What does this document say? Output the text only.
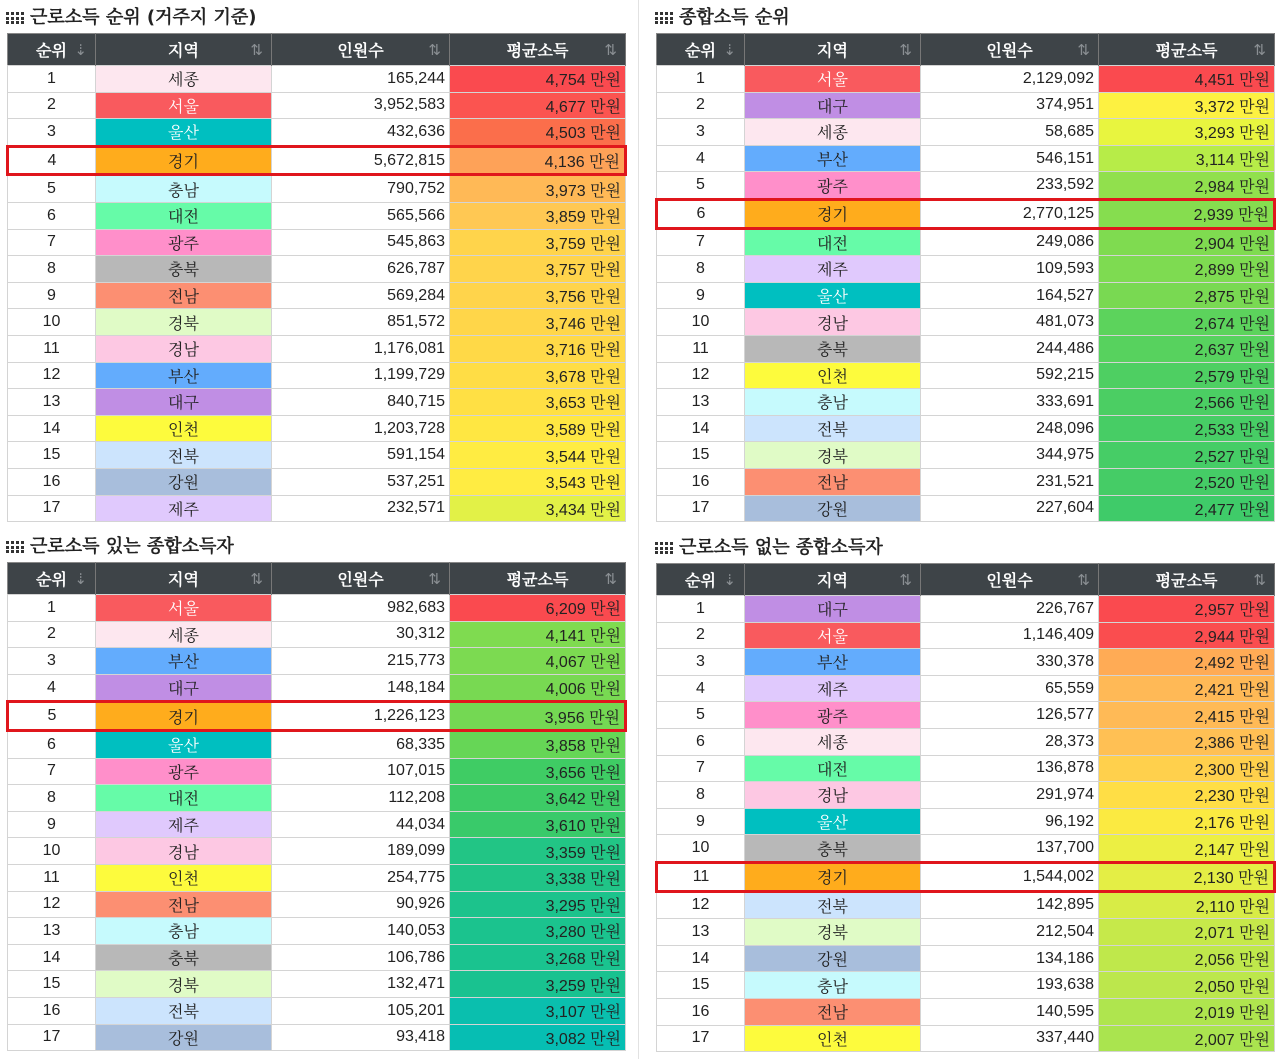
근로소득 순위 (거주지 기준)
순위 ⇣	지역 ⇅	인원수 ⇅	평균소득 ⇅

1	세종	165,244	4,754 만원
2	서울	3,952,583	4,677 만원
3	울산	432,636	4,503 만원
4	경기	5,672,815	4,136 만원
5	충남	790,752	3,973 만원
6	대전	565,566	3,859 만원
7	광주	545,863	3,759 만원
8	충북	626,787	3,757 만원
9	전남	569,284	3,756 만원
10	경북	851,572	3,746 만원
11	경남	1,176,081	3,716 만원
12	부산	1,199,729	3,678 만원
13	대구	840,715	3,653 만원
14	인천	1,203,728	3,589 만원
15	전북	591,154	3,544 만원
16	강원	537,251	3,543 만원
17	제주	232,571	3,434 만원
종합소득 순위
순위 ⇣	지역 ⇅	인원수 ⇅	평균소득 ⇅

1	서울	2,129,092	4,451 만원
2	대구	374,951	3,372 만원
3	세종	58,685	3,293 만원
4	부산	546,151	3,114 만원
5	광주	233,592	2,984 만원
6	경기	2,770,125	2,939 만원
7	대전	249,086	2,904 만원
8	제주	109,593	2,899 만원
9	울산	164,527	2,875 만원
10	경남	481,073	2,674 만원
11	충북	244,486	2,637 만원
12	인천	592,215	2,579 만원
13	충남	333,691	2,566 만원
14	전북	248,096	2,533 만원
15	경북	344,975	2,527 만원
16	전남	231,521	2,520 만원
17	강원	227,604	2,477 만원
근로소득 있는 종합소득자
순위 ⇣	지역 ⇅	인원수 ⇅	평균소득 ⇅

1	서울	982,683	6,209 만원
2	세종	30,312	4,141 만원
3	부산	215,773	4,067 만원
4	대구	148,184	4,006 만원
5	경기	1,226,123	3,956 만원
6	울산	68,335	3,858 만원
7	광주	107,015	3,656 만원
8	대전	112,208	3,642 만원
9	제주	44,034	3,610 만원
10	경남	189,099	3,359 만원
11	인천	254,775	3,338 만원
12	전남	90,926	3,295 만원
13	충남	140,053	3,280 만원
14	충북	106,786	3,268 만원
15	경북	132,471	3,259 만원
16	전북	105,201	3,107 만원
17	강원	93,418	3,082 만원
근로소득 없는 종합소득자
순위 ⇣	지역 ⇅	인원수 ⇅	평균소득 ⇅

1	대구	226,767	2,957 만원
2	서울	1,146,409	2,944 만원
3	부산	330,378	2,492 만원
4	제주	65,559	2,421 만원
5	광주	126,577	2,415 만원
6	세종	28,373	2,386 만원
7	대전	136,878	2,300 만원
8	경남	291,974	2,230 만원
9	울산	96,192	2,176 만원
10	충북	137,700	2,147 만원
11	경기	1,544,002	2,130 만원
12	전북	142,895	2,110 만원
13	경북	212,504	2,071 만원
14	강원	134,186	2,056 만원
15	충남	193,638	2,050 만원
16	전남	140,595	2,019 만원
17	인천	337,440	2,007 만원
